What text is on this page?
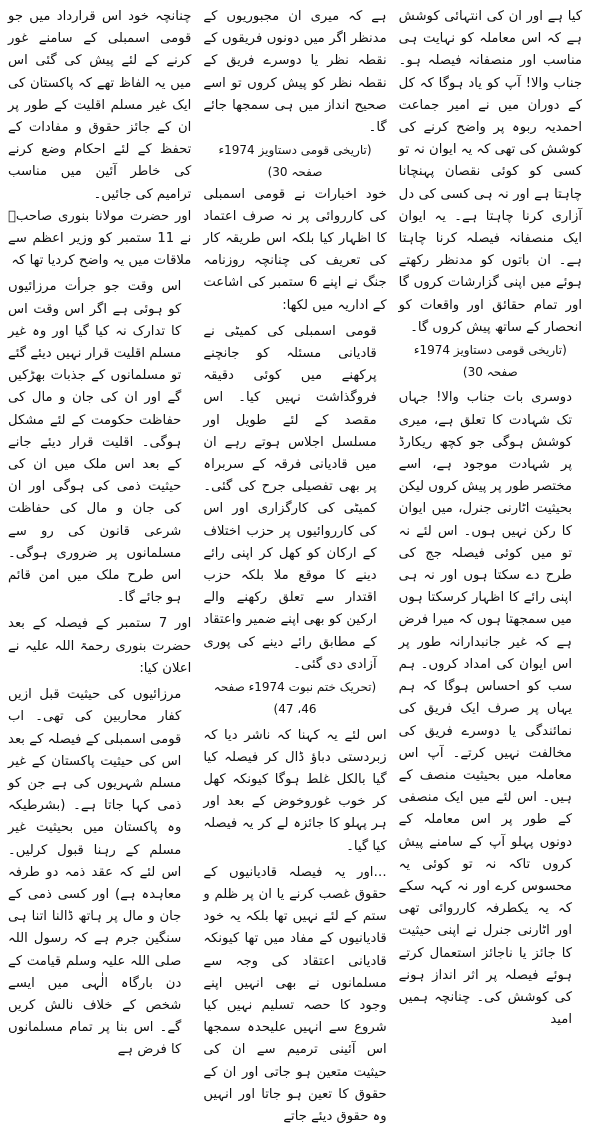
کیا ہے اور ان کی انتہائی کوشش ہے کہ اس معاملہ کو نہایت ہی مناسب اور منصفانہ فیصلہ ہو۔ جناب والا! آپ کو یاد ہوگا کہ کل کے دوران میں نے امیر جماعت احمدیہ ربوہ پر واضح کرنے کی کوشش کی تھی کہ یہ ایوان نہ تو کسی کو کوئی نقصان پہنچانا چاہتا ہے اور نہ ہی کسی کی دل آزاری کرنا چاہتا ہے۔ یہ ایوان ایک منصفانہ فیصلہ کرنا چاہتا ہے۔ ان باتوں کو مدنظر رکھتے ہوئے میں اپنی گزارشات کروں گا اور تمام حقائق اور واقعات کو انحصار کے ساتھ پیش کروں گا۔

(تاریخی قومی دستاویز 1974ء صفحہ 30)

دوسری بات جناب والا! جہاں تک شہادت کا تعلق ہے، میری کوشش ہوگی جو کچھ ریکارڈ پر شہادت موجود ہے، اسے مختصر طور پر پیش کروں لیکن بحیثیت اٹارنی جنرل، میں ایوان کا رکن نہیں ہوں۔ اس لئے نہ تو میں کوئی فیصلہ جج کی طرح دے سکتا ہوں اور نہ ہی اپنی رائے کا اظہار کرسکتا ہوں میں سمجھتا ہوں کہ میرا فرض ہے کہ غیر جانبدارانہ طور پر اس ایوان کی امداد کروں۔ ہم سب کو احساس ہوگا کہ ہم یہاں پر صرف ایک فریق کی نمائندگی یا دوسرے فریق کی مخالفت نہیں کرتے۔ آپ اس معاملہ میں بحیثیت منصف کے ہیں۔ اس لئے میں ایک منصفی کے طور پر اس معاملہ کے دونوں پہلو آپ کے سامنے پیش کروں تاکہ نہ تو کوئی یہ محسوس کرے اور نہ کہہ سکے کہ یہ یکطرفہ کارروائی تھی اور اٹارنی جنرل نے اپنی حیثیت کا جائز یا ناجائز استعمال کرتے ہوئے فیصلہ پر اثر انداز ہونے کی کوشش کی۔ چنانچہ ہمیں امید

ہے کہ میری ان مجبوریوں کے مدنظر اگر میں دونوں فریقوں کے نقطہ نظر یا دوسرے فریق کے نقطہ نظر کو پیش کروں تو اسے صحیح انداز میں ہی سمجھا جائے گا۔

(تاریخی قومی دستاویز 1974ء صفحہ 30)

خود اخبارات نے قومی اسمبلی کی کارروائی پر نہ صرف اعتماد کا اظہار کیا بلکہ اس طریقہ کار کی تعریف کی چنانچہ روزنامہ جنگ نے اپنے 6 ستمبر کی اشاعت کے اداریہ میں لکھا:

قومی اسمبلی کی کمیٹی نے قادیانی مسئلہ کو جانچنے پرکھنے میں کوئی دقیقہ فروگذاشت نہیں کیا۔ اس مقصد کے لئے طویل اور مسلسل اجلاس ہوتے رہے ان میں قادیانی فرقہ کے سربراہ پر بھی تفصیلی جرح کی گئی۔ کمیٹی کی کارگزاری اور اس کی کارروائیوں پر حزب اختلاف کے ارکان کو کھل کر اپنی رائے دینے کا موقع ملا بلکہ حزب اقتدار سے تعلق رکھنے والے ارکین کو بھی اپنے ضمیر واعتقاد کے مطابق رائے دینے کی پوری آزادی دی گئی۔

(تحریک ختم نبوت 1974ء صفحہ 46، 47)

اس لئے یہ کہنا کہ ناشر دیا کہ زبردستی دباؤ ڈال کر فیصلہ کیا گیا بالکل غلط ہوگا کیونکہ کھل کر خوب غوروخوض کے بعد اور ہر پہلو کا جائزہ لے کر یہ فیصلہ کیا گیا۔

…اور یہ فیصلہ قادیانیوں کے حقوق غصب کرنے یا ان پر ظلم و ستم کے لئے نہیں تھا بلکہ یہ خود قادیانیوں کے مفاد میں تھا کیونکہ قادیانی اعتقاد کی وجہ سے مسلمانوں نے بھی انہیں اپنے وجود کا حصہ تسلیم نہیں کیا شروع سے انہیں علیحدہ سمجھا اس آئینی ترمیم سے ان کی حیثیت متعین ہو جاتی اور ان کے حقوق کا تعین ہو جاتا اور انہیں وہ حقوق دیئے جاتے

چنانچہ خود اس قرارداد میں جو قومی اسمبلی کے سامنے غور کرنے کے لئے پیش کی گئی اس میں یہ الفاظ تھے کہ پاکستان کی ایک غیر مسلم اقلیت کے طور پر ان کے جائز حقوق و مفادات کے تحفظ کے لئے احکام وضع کرنے کی خاطر آئین میں مناسب ترامیم کی جائیں۔

اور حضرت مولانا بنوری صاحبؒ نے 11 ستمبر کو وزیر اعظم سے ملاقات میں یہ واضح کردیا تھا کہ

اس وقت جو جرأت مرزائیوں کو ہوئی ہے اگر اس وقت اس کا تدارک نہ کیا گیا اور وہ غیر مسلم اقلیت قرار نہیں دیئے گئے تو مسلمانوں کے جذبات بھڑکیں گے اور ان کی جان و مال کی حفاظت حکومت کے لئے مشکل ہوگی۔ اقلیت قرار دیئے جانے کے بعد اس ملک میں ان کی حیثیت ذمی کی ہوگی اور ان کی جان و مال کی حفاظت شرعی قانون کی رو سے مسلمانوں پر ضروری ہوگی۔ اس طرح ملک میں امن قائم ہو جائے گا۔

اور 7 ستمبر کے فیصلہ کے بعد حضرت بنوری رحمۃ اللہ علیہ نے اعلان کیا:

مرزائیوں کی حیثیت قبل ازیں کفار محاربین کی تھی۔ اب قومی اسمبلی کے فیصلہ کے بعد اس کی حیثیت پاکستان کے غیر مسلم شہریوں کی ہے جن کو ذمی کہا جاتا ہے۔ (بشرطیکہ وہ پاکستان میں بحیثیت غیر مسلم کے رہنا قبول کرلیں۔ اس لئے کہ عقد ذمہ دو طرفہ معاہدہ ہے) اور کسی ذمی کے جان و مال پر ہاتھ ڈالنا اتنا ہی سنگین جرم ہے کہ رسول اللہ صلی اللہ علیہ وسلم قیامت کے دن بارگاہ الٰہی میں ایسے شخص کے خلاف نالش کریں گے۔ اس بنا پر تمام مسلمانوں کا فرض ہے
